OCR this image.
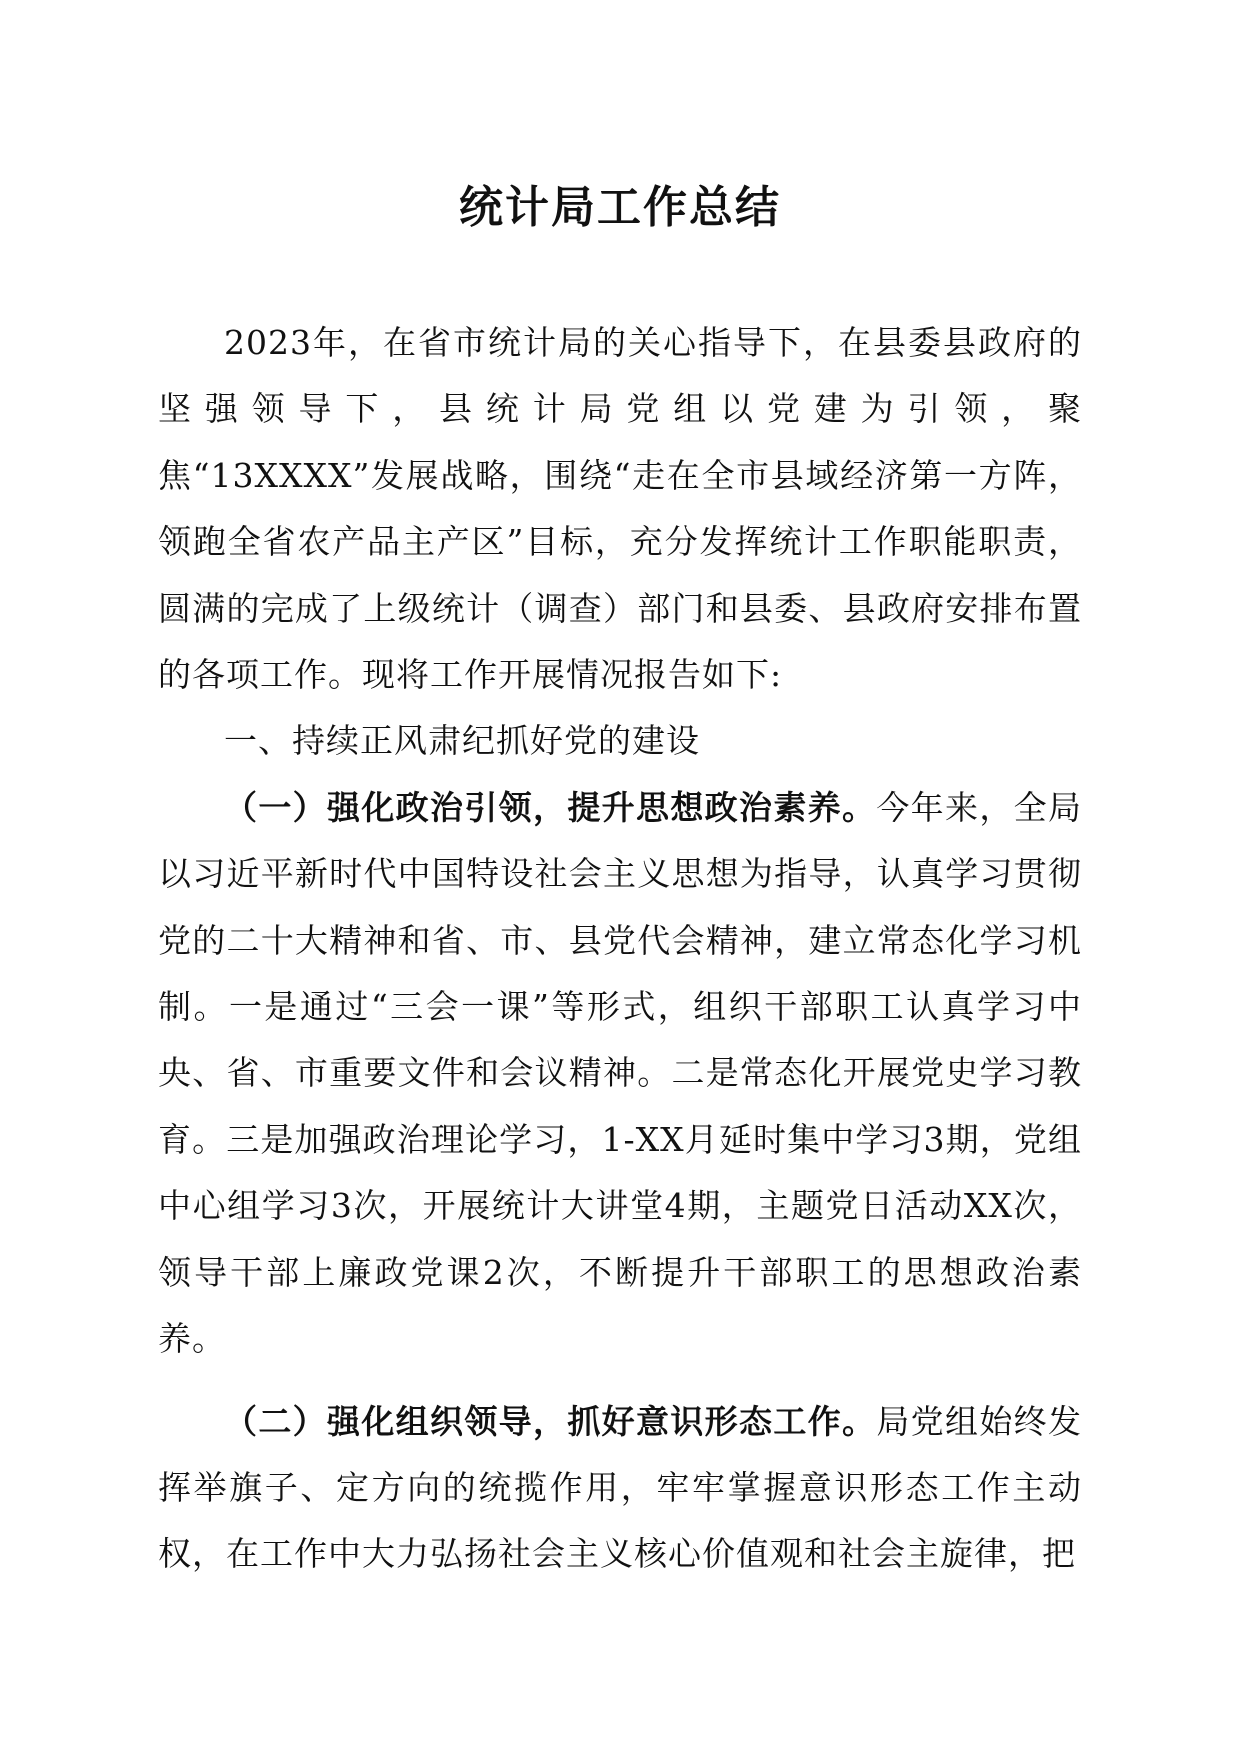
统计局工作总结

2023年，在省市统计局的关心指导下，在县委县政府的坚强领导下，县统计局党组以党建为引领，聚焦“13XXXX”发展战略，围绕“走在全市县域经济第一方阵，领跑全省农产品主产区”目标，充分发挥统计工作职能职责，圆满的完成了上级统计（调查）部门和县委、县政府安排布置的各项工作。现将工作开展情况报告如下:

一、持续正风肃纪抓好党的建设

（一）强化政治引领，提升思想政治素养。今年来，全局以习近平新时代中国特设社会主义思想为指导，认真学习贯彻党的二十大精神和省、市、县党代会精神，建立常态化学习机制。一是通过“三会一课”等形式，组织干部职工认真学习中央、省、市重要文件和会议精神。二是常态化开展党史学习教育。三是加强政治理论学习，1-XX月延时集中学习3期，党组中心组学习3次，开展统计大讲堂4期，主题党日活动XX次，领导干部上廉政党课2次，不断提升干部职工的思想政治素养。

（二）强化组织领导，抓好意识形态工作。局党组始终发挥举旗子、定方向的统揽作用，牢牢掌握意识形态工作主动权，在工作中大力弘扬社会主义核心价值观和社会主旋律，把
